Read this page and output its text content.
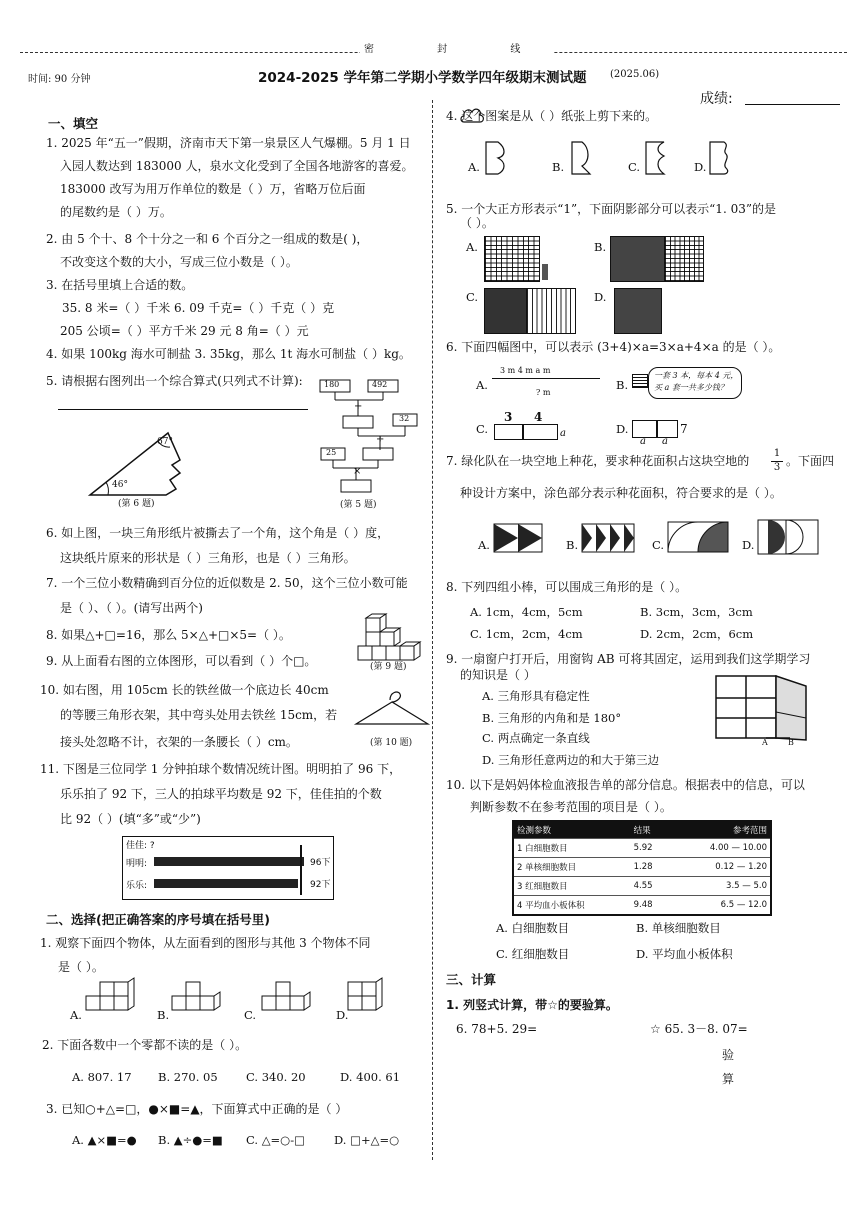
密 封 线
时间: 90 分钟	2024-2025 学年第二学期小学数学四年级期末测试题 (2025.06)
成绩:
一、填空
1. 2025 年“五一”假期，济南市天下第一泉景区人气爆棚。5 月 1 日
入园人数达到 183000 人，泉水文化受到了全国各地游客的喜爱。
183000 改写为用万作单位的数是（ ）万，省略万位后面
的尾数约是（ ）万。
2. 由 5 个十、8 个十分之一和 6 个百分之一组成的数是( )，
不改变这个数的大小，写成三位小数是（ ）。
3. 在括号里填上合适的数。
35. 8 米=（ ）千米 6. 09 千克=（ ）千克（ ）克
205 公顷=（ ）平方千米 29 元 8 角=（ ）元
4. 如果 100kg 海水可制盐 3. 35kg，那么 1t 海水可制盐（ ）kg。
5. 请根据右图列出一个综合算式(只列式不计算):
67°
46°
(第 6 题)
180	492
+
32
÷
25
×
(第 5 题)
6. 如上图，一块三角形纸片被撕去了一个角，这个角是（ ）度，
这块纸片原来的形状是（ ）三角形，也是（ ）三角形。
7. 一个三位小数精确到百分位的近似数是 2. 50，这个三位小数可能
是（ ）、（ ）。(请写出两个)
8. 如果△+□=16，那么 5×△+□×5=（ ）。
9. 从上面看右图的立体图形，可以看到（ ）个□。	(第 9 题)
10. 如右图，用 105cm 长的铁丝做一个底边长 40cm
的等腰三角形衣架，其中弯头处用去铁丝 15cm，若
接头处忽略不计，衣架的一条腰长（ ）cm。	(第 10 题)
11. 下图是三位同学 1 分钟拍球个数情况统计图。明明拍了 96 下，
乐乐拍了 92 下，三人的拍球平均数是 92 下，佳佳拍的个数
比 92（ ）(填“多”或“少”)
佳佳: ?
明明:	96下
乐乐:	92下
二、选择(把正确答案的序号填在括号里)
1. 观察下面四个物体，从左面看到的图形与其他 3 个物体不同
是（ ）。
A.	B.	C.	D.
2. 下面各数中一个零都不读的是（ ）。
A. 807. 17 B. 270. 05 C. 340. 20	D. 400. 61
3. 已知○+△=□，●×■=▲，下面算式中正确的是（ ）
A. ▲×■=● B. ▲÷●=■ C. △=○-□	D. □+△=○
4. 这个图案是从（ ）纸张上剪下来的。
A.	B.	C.	D.
5. 一个大正方形表示“1”，下面阴影部分可以表示“1. 03”的是
（ ）。
A.	B.
C.	D.
6. 下面四幅图中，可以表示 (3+4)×a=3×a+4×a 的是（ ）。
A.
3 m 4 m a m
? m
B.
一套 3 本，每本 4 元，
买 a 套一共多少钱？
C.
3 4
a	D.
a a
7
7. 绿化队在一块空地上种花，要求种花面积占这块空地的
1
3 。下面四
种设计方案中，涂色部分表示种花面积，符合要求的是（ ）。
A.	B.	C.	D.
8. 下列四组小棒，可以围成三角形的是（ ）。
A. 1cm，4cm，5cm	B. 3cm，3cm，3cm
C. 1cm，2cm，4cm	D. 2cm，2cm，6cm
9. 一扇窗户打开后，用窗钩 AB 可将其固定，运用到我们这学期学习
的知识是（ ）
A. 三角形具有稳定性
B. 三角形的内角和是 180°
C. 两点确定一条直线
D. 三角形任意两边的和大于第三边
A	B
10. 以下是妈妈体检血液报告单的部分信息。根据表中的信息，可以
判断参数不在参考范围的项目是（ ）。
检测参数	结果	参考范围
1 白细胞数目	5.92	4.00 — 10.00
2 单核细胞数目	1.28	0.12 — 1.20
3 红细胞数目	4.55	3.5 — 5.0
4 平均血小板体积	9.48	6.5 — 12.0
A. 白细胞数目	B. 单核细胞数目
C. 红细胞数目	D. 平均血小板体积
三、计算
1. 列竖式计算，带☆的要验算。
6. 78+5. 29=	☆ 65. 3－8. 07=
验
算
